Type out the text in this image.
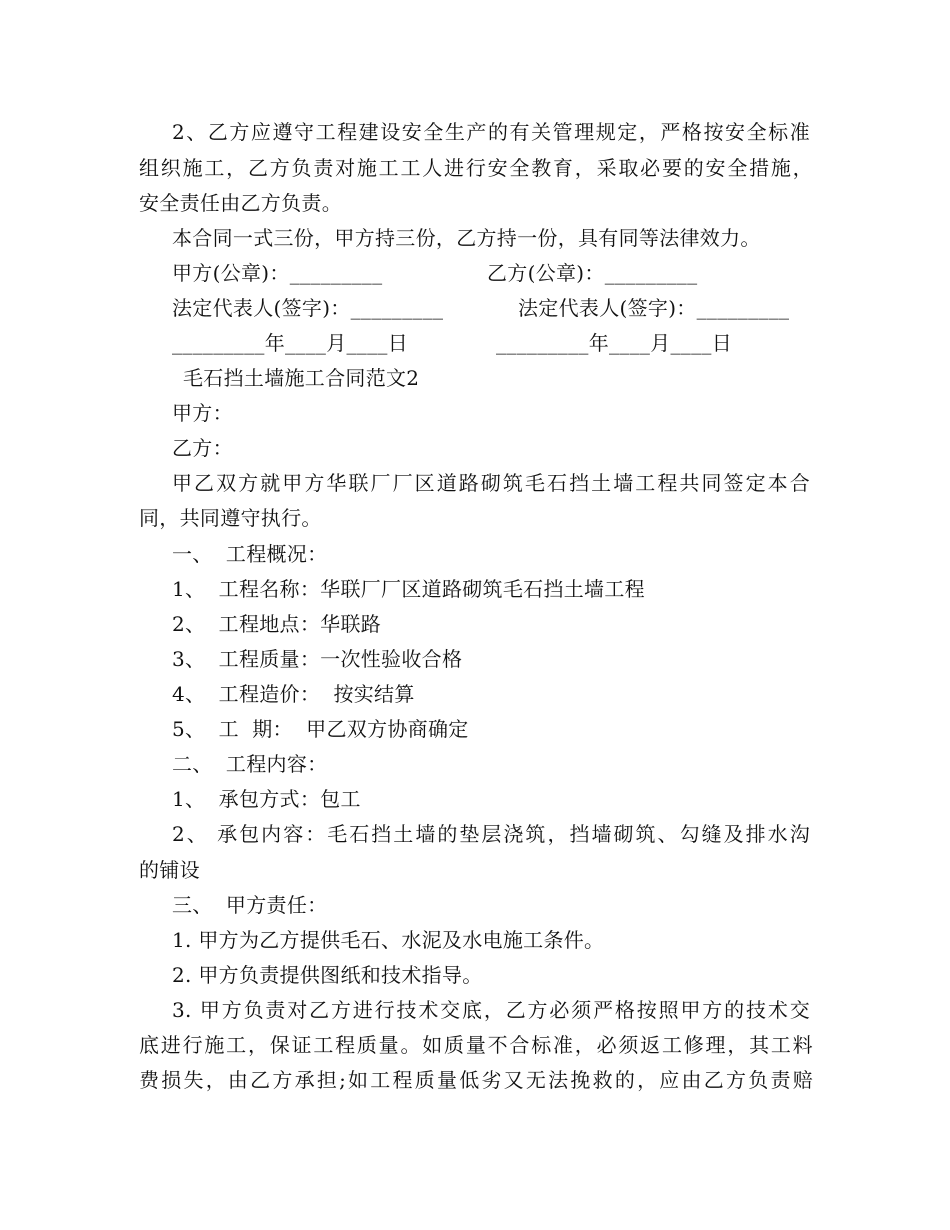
2、乙方应遵守工程建设安全生产的有关管理规定，严格按安全标准
组织施工，乙方负责对施工工人进行安全教育，采取必要的安全措施，
安全责任由乙方负责。
本合同一式三份，甲方持三份，乙方持一份，具有同等法律效力。
甲方(公章)：_________	乙方(公章)：_________
法定代表人(签字)：_________	法定代表人(签字)：_________
_________年____月____日	_________年____月____日
毛石挡土墙施工合同范文2
甲方：
乙方：
甲乙双方就甲方华联厂厂区道路砌筑毛石挡土墙工程共同签定本合
同，共同遵守执行。
一、  工程概况：
1、  工程名称：华联厂厂区道路砌筑毛石挡土墙工程
2、  工程地点：华联路
3、  工程质量：一次性验收合格
4、  工程造价：  按实结算
5、  工  期：  甲乙双方协商确定
二、  工程内容：
1、  承包方式：包工
2、 承包内容：毛石挡土墙的垫层浇筑，挡墙砌筑、勾缝及排水沟
的铺设
三、  甲方责任：
1. 甲方为乙方提供毛石、水泥及水电施工条件。
2. 甲方负责提供图纸和技术指导。
3. 甲方负责对乙方进行技术交底，乙方必须严格按照甲方的技术交
底进行施工，保证工程质量。如质量不合标准，必须返工修理，其工料
费损失，由乙方承担;如工程质量低劣又无法挽救的，应由乙方负责赔
